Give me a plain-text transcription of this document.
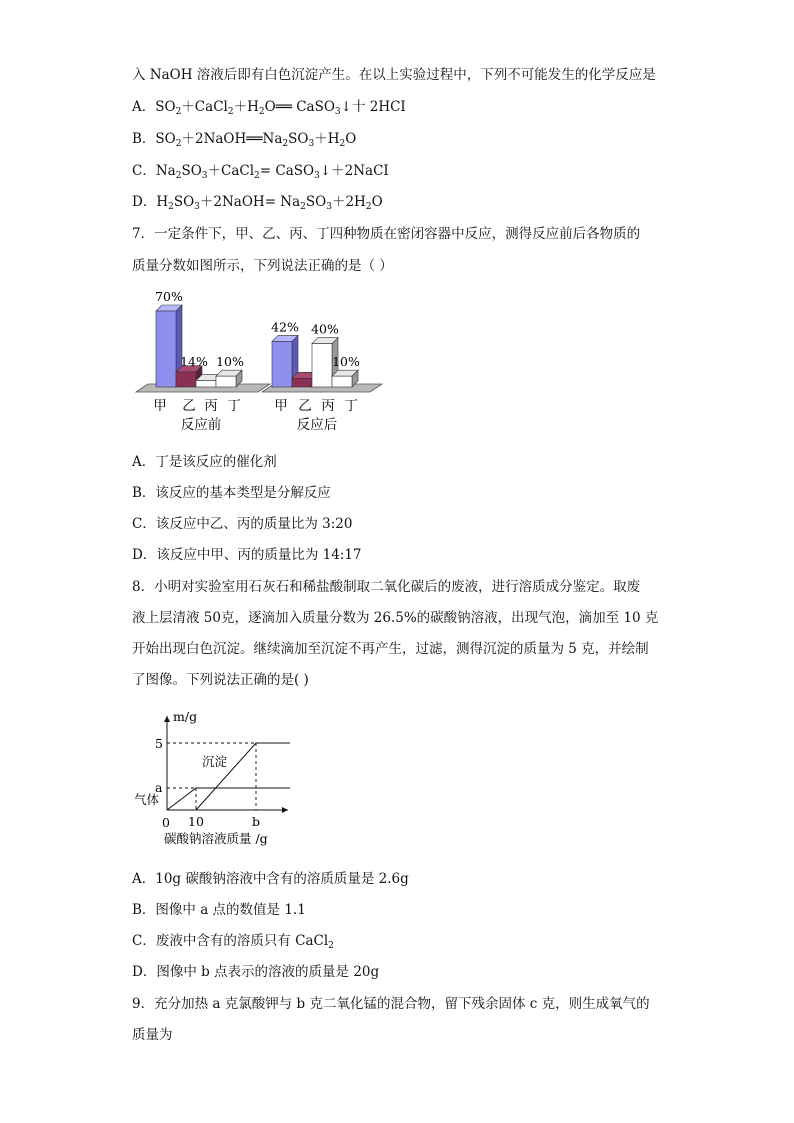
入 NaOH 溶液后即有白色沉淀产生。在以上实验过程中，下列不可能发生的化学反应是
A．$SO_2+CaCl_2+H_2O══$ CaSO$_3$↓十 2HCI
B．$SO_2+2NaOH══Na_2SO_3+H_2O$
C．$Na_2SO_3+CaCl_2=$ CaSO$_3$↓＋2NaCI
D．$H_2SO_3+2NaOH= Na_2SO_3+2H_2O$
7．一定条件下，甲、乙、丙、丁四种物质在密闭容器中反应，测得反应前后各物质的
质量分数如图所示，下列说法正确的是（ ）
70%
14% 10%
42% 40%
10%
甲 乙 丙 丁 甲 乙 丙 丁
反应前	反应后
A．丁是该反应的催化剂
B．该反应的基本类型是分解反应
C．该反应中乙、丙的质量比为 3:20
D．该反应中甲、丙的质量比为 14:17
8．小明对实验室用石灰石和稀盐酸制取二氧化碳后的废液，进行溶质成分鉴定。取废
液上层清液 50克，逐滴加入质量分数为 26.5%的碳酸钠溶液，出现气泡，滴加至 10 克
开始出现白色沉淀。继续滴加至沉淀不再产生，过滤，测得沉淀的质量为 5 克，并绘制
了图像。下列说法正确的是( )
m/g
5
a
沉淀
气体
0 10	b
碳酸钠溶液质量 /g
A．10g 碳酸钠溶液中含有的溶质质量是 2.6g
B．图像中 a 点的数值是 1.1
C．废液中含有的溶质只有 CaCl$_2$
D．图像中 b 点表示的溶液的质量是 20g
9．充分加热 a 克氯酸钾与 b 克二氧化锰的混合物，留下残余固体 c 克，则生成氧气的
质量为
